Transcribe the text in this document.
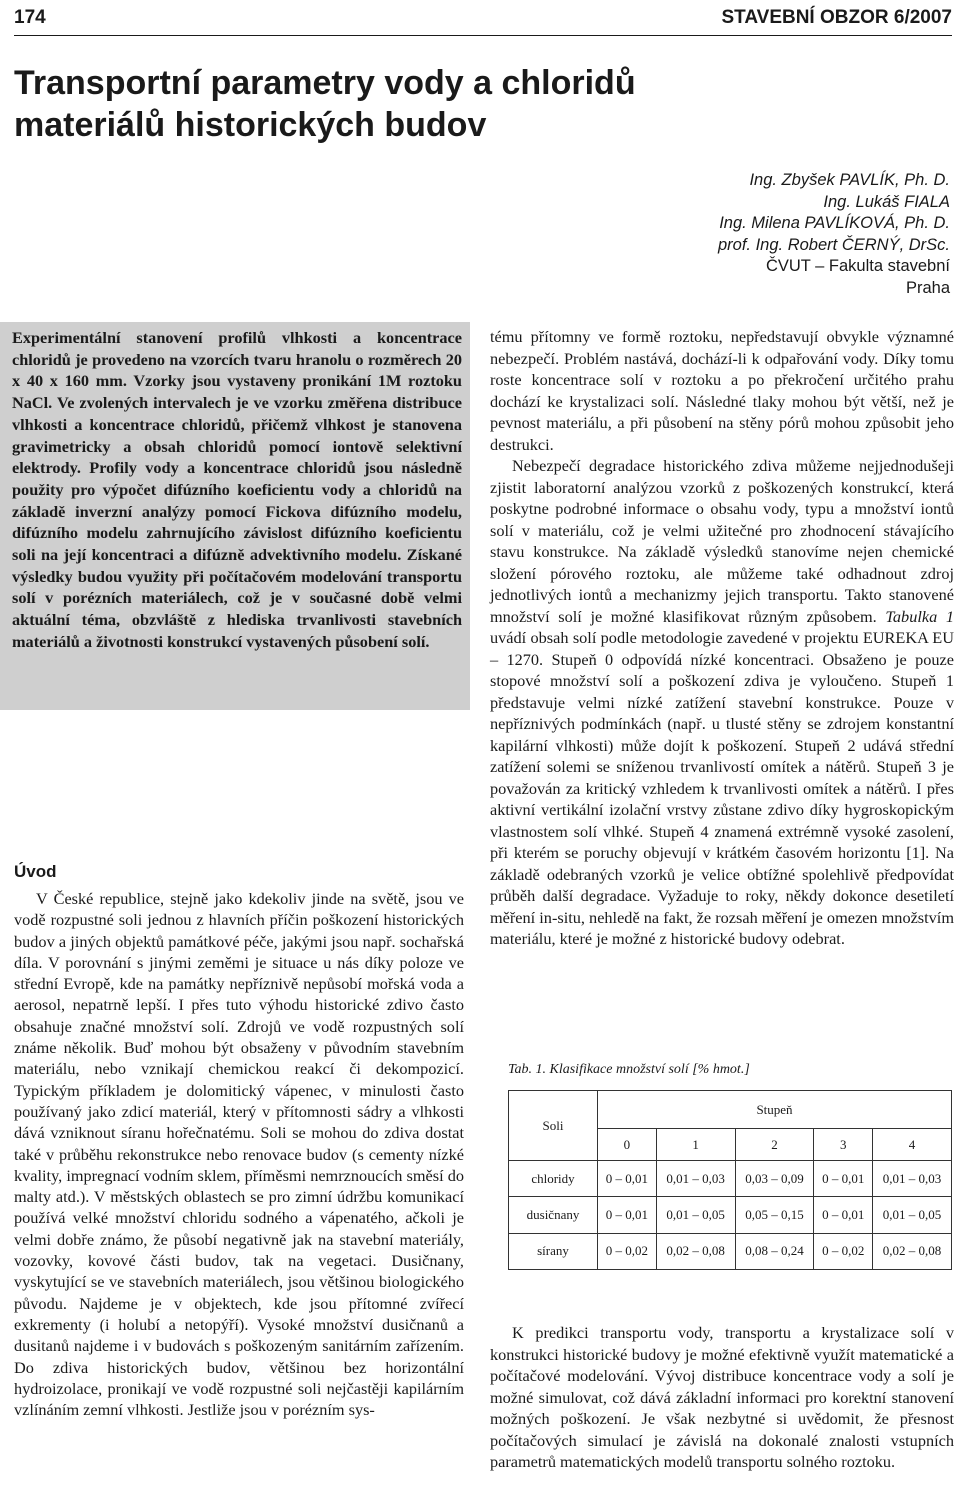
174	STAVEBNÍ OBZOR 6/2007
Transportní parametry vody a chloridů materiálů historických budov
Ing. Zbyšek PAVLÍK, Ph. D.
Ing. Lukáš FIALA
Ing. Milena PAVLÍKOVÁ, Ph. D.
prof. Ing. Robert ČERNÝ, DrSc.
ČVUT – Fakulta stavební
Praha
Experimentální stanovení profilů vlhkosti a koncentrace chloridů je provedeno na vzorcích tvaru hranolu o rozměrech 20 x 40 x 160 mm. Vzorky jsou vystaveny pronikání 1M roztoku NaCl. Ve zvolených intervalech je ve vzorku změřena distribuce vlhkosti a koncentrace chloridů, přičemž vlhkost je stanovena gravimetricky a obsah chloridů pomocí iontově selektivní elektrody. Profily vody a koncentrace chloridů jsou následně použity pro výpočet difúzního koeficientu vody a chloridů na základě inverzní analýzy pomocí Fickova difúzního modelu, difúzního modelu zahrnujícího závislost difúzního koeficientu soli na její koncentraci a difúzně advektivního modelu. Získané výsledky budou využity při počítačovém modelování transportu solí v porézních materiálech, což je v současné době velmi aktuální téma, obzvláště z hlediska trvanlivosti stavebních materiálů a životnosti konstrukcí vystavených působení solí.
Úvod

V České republice, stejně jako kdekoliv jinde na světě, jsou ve vodě rozpustné soli jednou z hlavních příčin poškození historických budov a jiných objektů památkové péče, jakými jsou např. sochařská díla. V porovnání s jinými zeměmi je situace u nás díky poloze ve střední Evropě, kde na památky nepříznivě nepůsobí mořská voda a aerosol, nepatrně lepší. I přes tuto výhodu historické zdivo často obsahuje značné množství solí. Zdrojů ve vodě rozpustných solí známe několik. Buď mohou být obsaženy v původním stavebním materiálu, nebo vznikají chemickou reakcí či dekompozicí. Typickým příkladem je dolomitický vápenec, v minulosti často používaný jako zdicí materiál, který v přítomnosti sádry a vlhkosti dává vzniknout síranu hořečnatému. Soli se mohou do zdiva dostat také v průběhu rekonstrukce nebo renovace budov (s cementy nízké kvality, impregnací vodním sklem, příměsmi nemrznoucích směsí do malty atd.). V městských oblastech se pro zimní údržbu komunikací používá velké množství chloridu sodného a vápenatého, ačkoli je velmi dobře známo, že působí negativně jak na stavební materiály, vozovky, kovové části budov, tak na vegetaci. Dusičnany, vyskytující se ve stavebních materiálech, jsou většinou biologického původu. Najdeme je v objektech, kde jsou přítomné zvířecí exkrementy (i holubí a netopýří). Vysoké množství dusičnanů a dusitanů najdeme i v budovách s poškozeným sanitárním zařízením. Do zdiva historických budov, většinou bez horizontální hydroizolace, pronikají ve vodě rozpustné soli nejčastěji kapilárním vzlínáním zemní vlhkosti. Jestliže jsou v porézním sys-

tému přítomny ve formě roztoku, nepředstavují obvykle významné nebezpečí. Problém nastává, dochází-li k odpařování vody. Díky tomu roste koncentrace solí v roztoku a po překročení určitého prahu dochází ke krystalizaci solí. Následné tlaky mohou být větší, než je pevnost materiálu, a při působení na stěny pórů mohou způsobit jeho destrukci.

Nebezpečí degradace historického zdiva můžeme nejjednodušeji zjistit laboratorní analýzou vzorků z poškozených konstrukcí, která poskytne podrobné informace o obsahu vody, typu a množství iontů solí v materiálu, což je velmi užitečné pro zhodnocení stávajícího stavu konstrukce. Na základě výsledků stanovíme nejen chemické složení pórového roztoku, ale můžeme také odhadnout zdroj jednotlivých iontů a mechanizmy jejich transportu. Takto stanovené množství solí je možné klasifikovat různým způsobem. Tabulka 1 uvádí obsah solí podle metodologie zavedené v projektu EUREKA EU – 1270. Stupeň 0 odpovídá nízké koncentraci. Obsaženo je pouze stopové množství solí a poškození zdiva je vyloučeno. Stupeň 1 představuje velmi nízké zatížení stavební konstrukce. Pouze v nepříznivých podmínkách (např. u tlusté stěny se zdrojem konstantní kapilární vlhkosti) může dojít k poškození. Stupeň 2 udává střední zatížení solemi se sníženou trvanlivostí omítek a nátěrů. Stupeň 3 je považován za kritický vzhledem k trvanlivosti omítek a nátěrů. I přes aktivní vertikální izolační vrstvy zůstane zdivo díky hygroskopickým vlastnostem solí vlhké. Stupeň 4 znamená extrémně vysoké zasolení, při kterém se poruchy objevují v krátkém časovém horizontu [1]. Na základě odebraných vzorků je velice obtížné spolehlivě předpovídat průběh další degradace. Vyžaduje to roky, někdy dokonce desetiletí měření in-situ, nehledě na fakt, že rozsah měření je omezen množstvím materiálu, které je možné z historické budovy odebrat.

Tab. 1. Klasifikace množství solí [% hmot.]
Soli	Stupeň				
	0	1	2	3	4
chloridy	0 – 0,01	0,01 – 0,03	0,03 – 0,09	0 – 0,01	0,01 – 0,03
dusičnany	0 – 0,01	0,01 – 0,05	0,05 – 0,15	0 – 0,01	0,01 – 0,05
sírany	0 – 0,02	0,02 – 0,08	0,08 – 0,24	0 – 0,02	0,02 – 0,08

K predikci transportu vody, transportu a krystalizace solí v konstrukci historické budovy je možné efektivně využít matematické a počítačové modelování. Vývoj distribuce koncentrace vody a solí je možné simulovat, což dává základní informaci pro korektní stanovení možných poškození. Je však nezbytné si uvědomit, že přesnost počítačových simulací je závislá na dokonalé znalosti vstupních parametrů matematických modelů transportu solného roztoku.
